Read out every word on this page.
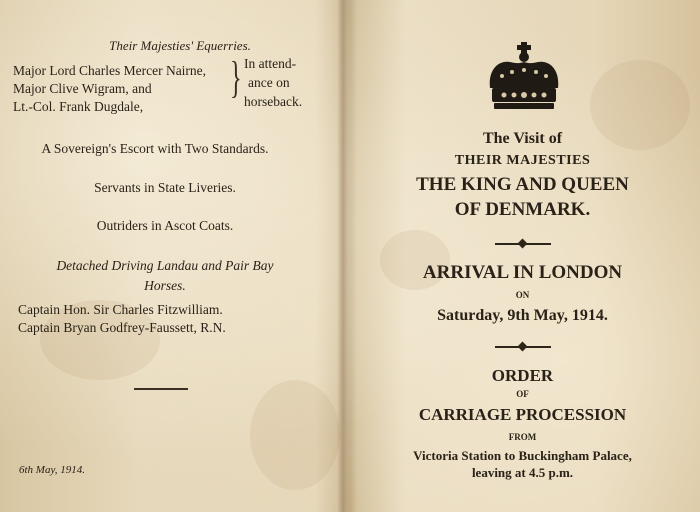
Their Majesties' Equerries.
Major Lord Charles Mercer Nairne,
Major Clive Wigram, and
Lt.-Col. Frank Dugdale,
} In attend-
ance on
horseback.
A Sovereign's Escort with Two Standards.
Servants in State Liveries.
Outriders in Ascot Coats.
Detached Driving Landau and Pair Bay
Horses.
Captain Hon. Sir Charles Fitzwilliam.
Captain Bryan Godfrey-Faussett, R.N.
6th May, 1914.
The Visit of
THEIR MAJESTIES
THE KING AND QUEEN
OF DENMARK.
ARRIVAL IN LONDON
ON
Saturday, 9th May, 1914.
ORDER
OF
CARRIAGE PROCESSION
FROM
Victoria Station to Buckingham Palace,
leaving at 4.5 p.m.
